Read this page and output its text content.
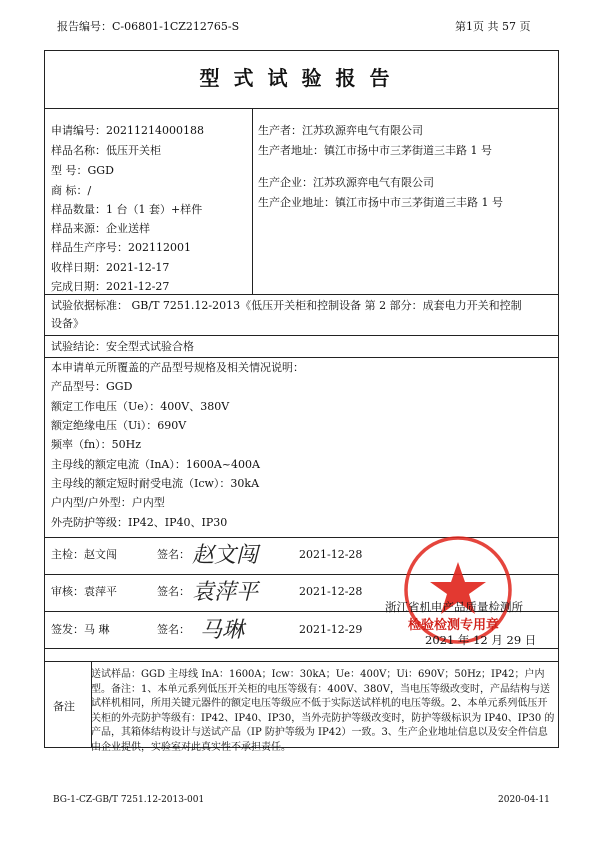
报告编号：C-06801-1CZ212765-S	第1页 共 57 页
型式试验报告
申请编号：20211214000188
样品名称：低压开关柜
型 号：GGD
商 标：/
样品数量：1 台（1 套）+样件
样品来源：企业送样
样品生产序号：202112001
收样日期：2021-12-17
完成日期：2021-12-27
生产者：江苏玖源弈电气有限公司
生产者地址：镇江市扬中市三茅街道三丰路 1 号
生产企业：江苏玖源弈电气有限公司
生产企业地址：镇江市扬中市三茅街道三丰路 1 号
试验依据标准： GB/T 7251.12-2013《低压开关柜和控制设备 第 2 部分：成套电力开关和控制
设备》
试验结论：安全型式试验合格
本申请单元所覆盖的产品型号规格及相关情况说明：
产品型号：GGD
额定工作电压（Ue）：400V、380V
额定绝缘电压（Ui）：690V
频率（fn）：50Hz
主母线的额定电流（InA）：1600A~400A
主母线的额定短时耐受电流（Icw）：30kA
户内型/户外型：户内型
外壳防护等级：IP42、IP40、IP30
主检：赵文闯	签名： 赵文闯	2021-12-28
审核：袁萍平	签名： 袁萍平	2021-12-28
签发：马 琳	签名： 马琳	2021-12-29
浙江省机电产品质量检测所
检验检测专用章
2021 年 12 月 29 日
备注
送试样品：GGD 主母线 InA：1600A；Icw：30kA；Ue：400V；Ui：690V；50Hz；IP42；户内型。备注：1、本单元系列低压开关柜的电压等级有：400V、380V，当电压等级改变时，产品结构与送试样机相同，所用关键元器件的额定电压等级应不低于实际送试样机的电压等级。2、本单元系列低压开关柜的外壳防护等级有：IP42、IP40、IP30，当外壳防护等级改变时，防护等级标识为 IP40、IP30 的产品，其箱体结构设计与送试产品（IP 防护等级为 IP42）一致。3、生产企业地址信息以及安全件信息由企业提供，实验室对此真实性不承担责任。
BG-1-CZ-GB/T 7251.12-2013-001	2020-04-11
